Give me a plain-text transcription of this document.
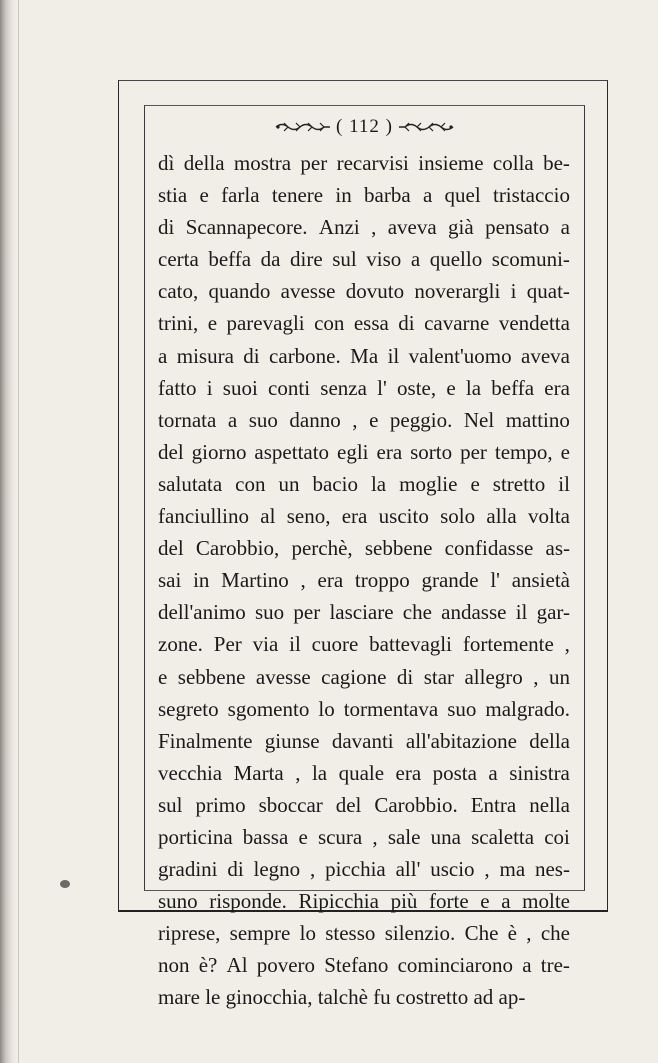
( 112 )
dì della mostra per recarvisi insieme colla be-
stia e farla tenere in barba a quel tristaccio
di Scannapecore. Anzi , aveva già pensato a
certa beffa da dire sul viso a quello scomuni-
cato, quando avesse dovuto noverargli i quat-
trini, e parevagli con essa di cavarne vendetta
a misura di carbone. Ma il valent'uomo aveva
fatto i suoi conti senza l' oste, e la beffa era
tornata a suo danno , e peggio. Nel mattino
del giorno aspettato egli era sorto per tempo, e
salutata con un bacio la moglie e stretto il
fanciullino al seno, era uscito solo alla volta
del Carobbio, perchè, sebbene confidasse as-
sai in Martino , era troppo grande l' ansietà
dell'animo suo per lasciare che andasse il gar-
zone. Per via il cuore battevagli fortemente ,
e sebbene avesse cagione di star allegro , un
segreto sgomento lo tormentava suo malgrado.
Finalmente giunse davanti all'abitazione della
vecchia Marta , la quale era posta a sinistra
sul primo sboccar del Carobbio. Entra nella
porticina bassa e scura , sale una scaletta coi
gradini di legno , picchia all' uscio , ma nes-
suno risponde. Ripicchia più forte e a molte
riprese, sempre lo stesso silenzio. Che è , che
non è? Al povero Stefano cominciarono a tre-
mare le ginocchia, talchè fu costretto ad ap-
